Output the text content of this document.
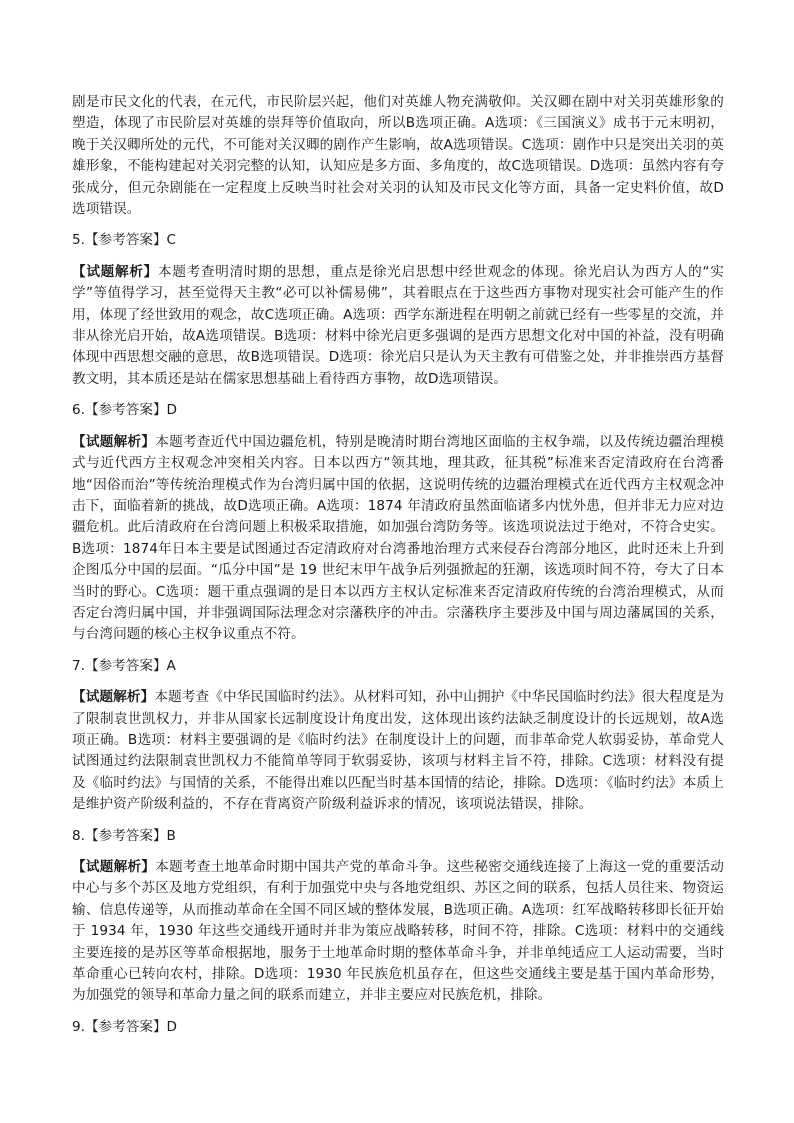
剧是市民文化的代表，在元代，市民阶层兴起，他们对英雄人物充满敬仰。关汉卿在剧中对关羽英雄形象的塑造，体现了市民阶层对英雄的崇拜等价值取向，所以B选项正确。A选项：《三国演义》成书于元末明初，晚于关汉卿所处的元代，不可能对关汉卿的剧作产生影响，故A选项错误。C选项：剧作中只是突出关羽的英雄形象，不能构建起对关羽完整的认知，认知应是多方面、多角度的，故C选项错误。D选项：虽然内容有夸张成分，但元杂剧能在一定程度上反映当时社会对关羽的认知及市民文化等方面，具备一定史料价值，故D选项错误。

5.【参考答案】C

【试题解析】本题考查明清时期的思想，重点是徐光启思想中经世观念的体现。徐光启认为西方人的“实学”等值得学习，甚至觉得天主教“必可以补儒易佛”，其着眼点在于这些西方事物对现实社会可能产生的作用，体现了经世致用的观念，故C选项正确。A选项：西学东渐进程在明朝之前就已经有一些零星的交流，并非从徐光启开始，故A选项错误。B选项：材料中徐光启更多强调的是西方思想文化对中国的补益，没有明确体现中西思想交融的意思，故B选项错误。D选项：徐光启只是认为天主教有可借鉴之处，并非推崇西方基督教文明，其本质还是站在儒家思想基础上看待西方事物，故D选项错误。

6.【参考答案】D

【试题解析】本题考查近代中国边疆危机，特别是晚清时期台湾地区面临的主权争端，以及传统边疆治理模式与近代西方主权观念冲突相关内容。日本以西方“领其地，理其政，征其税”标准来否定清政府在台湾番地“因俗而治”等传统治理模式作为台湾归属中国的依据，这说明传统的边疆治理模式在近代西方主权观念冲击下，面临着新的挑战，故D选项正确。A选项：1874 年清政府虽然面临诸多内忧外患，但并非无力应对边疆危机。此后清政府在台湾问题上积极采取措施，如加强台湾防务等。该选项说法过于绝对，不符合史实。B选项：1874年日本主要是试图通过否定清政府对台湾番地治理方式来侵吞台湾部分地区，此时还未上升到企图瓜分中国的层面。“瓜分中国”是 19 世纪末甲午战争后列强掀起的狂潮，该选项时间不符，夸大了日本当时的野心。C选项：题干重点强调的是日本以西方主权认定标准来否定清政府传统的台湾治理模式，从而否定台湾归属中国，并非强调国际法理念对宗藩秩序的冲击。宗藩秩序主要涉及中国与周边藩属国的关系，与台湾问题的核心主权争议重点不符。

7.【参考答案】A

【试题解析】本题考查《中华民国临时约法》。从材料可知，孙中山拥护《中华民国临时约法》很大程度是为了限制袁世凯权力，并非从国家长远制度设计角度出发，这体现出该约法缺乏制度设计的长远规划，故A选项正确。B选项：材料主要强调的是《临时约法》在制度设计上的问题，而非革命党人软弱妥协，革命党人试图通过约法限制袁世凯权力不能简单等同于软弱妥协，该项与材料主旨不符，排除。C选项：材料没有提及《临时约法》与国情的关系，不能得出难以匹配当时基本国情的结论，排除。D选项：《临时约法》本质上是维护资产阶级利益的，不存在背离资产阶级利益诉求的情况，该项说法错误，排除。

8.【参考答案】B

【试题解析】本题考查土地革命时期中国共产党的革命斗争。这些秘密交通线连接了上海这一党的重要活动中心与多个苏区及地方党组织，有利于加强党中央与各地党组织、苏区之间的联系，包括人员往来、物资运输、信息传递等，从而推动革命在全国不同区域的整体发展，B选项正确。A选项：红军战略转移即长征开始于 1934 年，1930 年这些交通线开通时并非为策应战略转移，时间不符，排除。C选项：材料中的交通线主要连接的是苏区等革命根据地，服务于土地革命时期的整体革命斗争，并非单纯适应工人运动需要，当时革命重心已转向农村，排除。D选项：1930 年民族危机虽存在，但这些交通线主要是基于国内革命形势，为加强党的领导和革命力量之间的联系而建立，并非主要应对民族危机，排除。

9.【参考答案】D
